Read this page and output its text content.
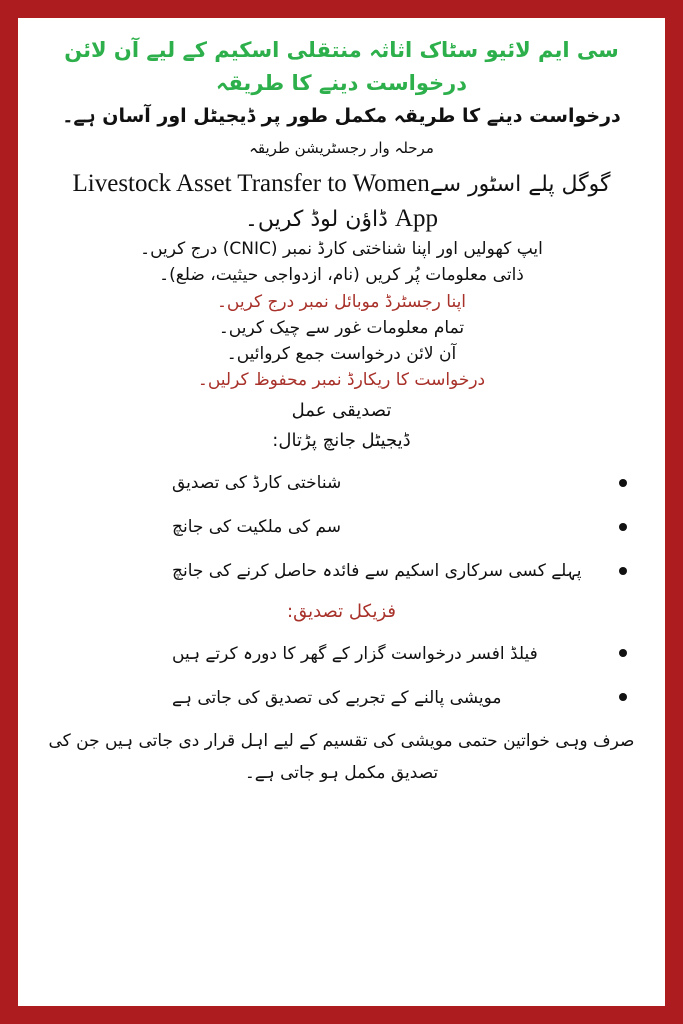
سی ایم لائیو سٹاک اثاثہ منتقلی اسکیم کے لیے آن لائن درخواست دینے کا طریقہ
درخواست دینے کا طریقہ مکمل طور پر ڈیجیٹل اور آسان ہے۔
مرحلہ وار رجسٹریشن طریقہ
گوگل پلے اسٹور سےLivestock Asset Transfer to Women
App ڈاؤن لوڈ کریں۔
ایپ کھولیں اور اپنا شناختی کارڈ نمبر (CNIC) درج کریں۔
ذاتی معلومات پُر کریں (نام، ازدواجی حیثیت، ضلع)۔
اپنا رجسٹرڈ موبائل نمبر درج کریں۔
تمام معلومات غور سے چیک کریں۔
آن لائن درخواست جمع کروائیں۔
درخواست کا ریکارڈ نمبر محفوظ کرلیں۔
تصدیقی عمل
ڈیجیٹل جانچ پڑتال:
شناختی کارڈ کی تصدیق
سم کی ملکیت کی جانچ
پہلے کسی سرکاری اسکیم سے فائدہ حاصل کرنے کی جانچ
فزیکل تصدیق:
فیلڈ افسر درخواست گزار کے گھر کا دورہ کرتے ہیں
مویشی پالنے کے تجربے کی تصدیق کی جاتی ہے
صرف وہی خواتین حتمی مویشی کی تقسیم کے لیے اہل قرار دی جاتی ہیں جن کی تصدیق مکمل ہو جاتی ہے۔
